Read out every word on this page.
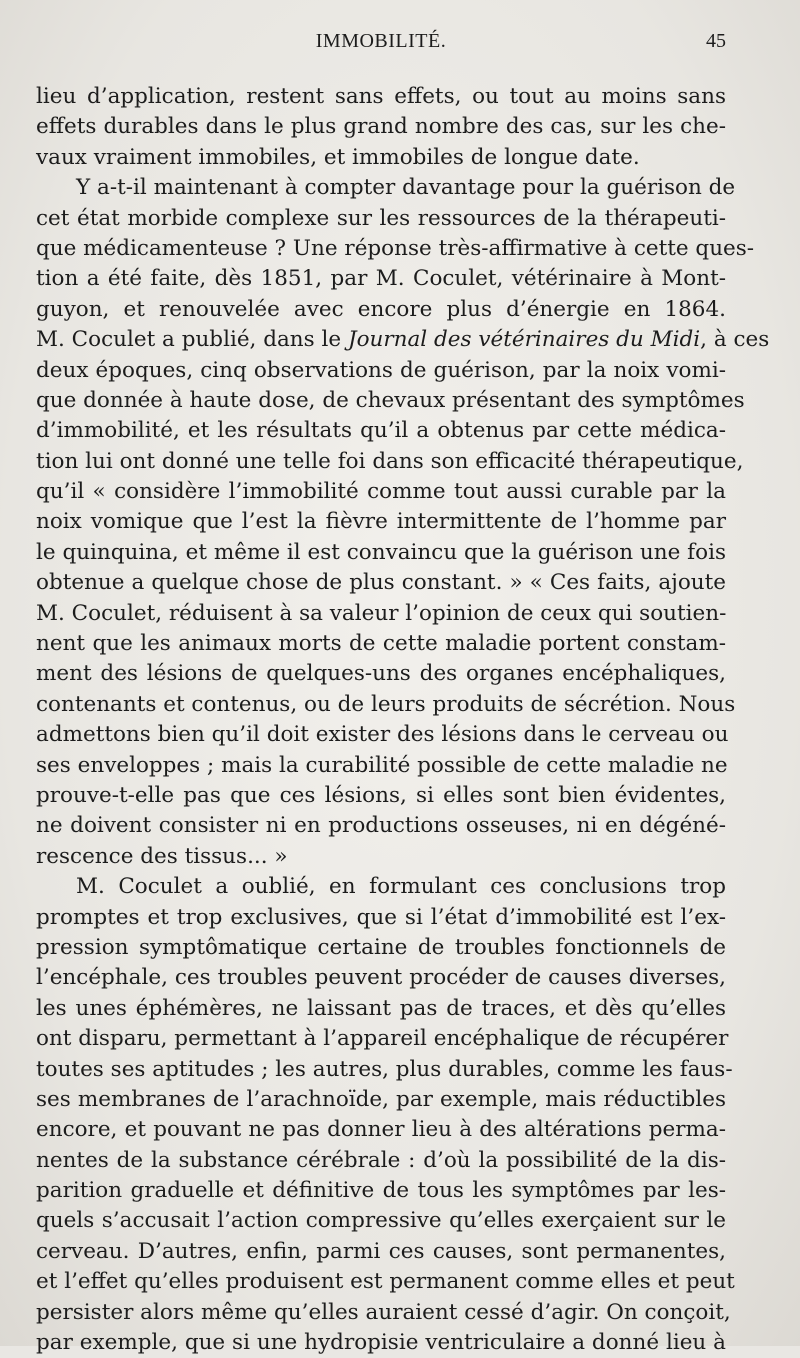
IMMOBILITÉ.	45
lieu d’application, restent sans effets, ou tout au moins sans
effets durables dans le plus grand nombre des cas, sur les che-
vaux vraiment immobiles, et immobiles de longue date.
Y a-t-il maintenant à compter davantage pour la guérison de
cet état morbide complexe sur les ressources de la thérapeuti-
que médicamenteuse ? Une réponse très-affirmative à cette ques-
tion a été faite, dès 1851, par M. Coculet, vétérinaire à Mont-
guyon, et renouvelée avec encore plus d’énergie en 1864.
M. Coculet a publié, dans le Journal des vétérinaires du Midi, à ces
deux époques, cinq observations de guérison, par la noix vomi-
que donnée à haute dose, de chevaux présentant des symptômes
d’immobilité, et les résultats qu’il a obtenus par cette médica-
tion lui ont donné une telle foi dans son efficacité thérapeutique,
qu’il « considère l’immobilité comme tout aussi curable par la
noix vomique que l’est la fièvre intermittente de l’homme par
le quinquina, et même il est convaincu que la guérison une fois
obtenue a quelque chose de plus constant. » « Ces faits, ajoute
M. Coculet, réduisent à sa valeur l’opinion de ceux qui soutien-
nent que les animaux morts de cette maladie portent constam-
ment des lésions de quelques-uns des organes encéphaliques,
contenants et contenus, ou de leurs produits de sécrétion. Nous
admettons bien qu’il doit exister des lésions dans le cerveau ou
ses enveloppes ; mais la curabilité possible de cette maladie ne
prouve-t-elle pas que ces lésions, si elles sont bien évidentes,
ne doivent consister ni en productions osseuses, ni en dégéné-
rescence des tissus... »
M. Coculet a oublié, en formulant ces conclusions trop
promptes et trop exclusives, que si l’état d’immobilité est l’ex-
pression symptômatique certaine de troubles fonctionnels de
l’encéphale, ces troubles peuvent procéder de causes diverses,
les unes éphémères, ne laissant pas de traces, et dès qu’elles
ont disparu, permettant à l’appareil encéphalique de récupérer
toutes ses aptitudes ; les autres, plus durables, comme les faus-
ses membranes de l’arachnoïde, par exemple, mais réductibles
encore, et pouvant ne pas donner lieu à des altérations perma-
nentes de la substance cérébrale : d’où la possibilité de la dis-
parition graduelle et définitive de tous les symptômes par les-
quels s’accusait l’action compressive qu’elles exerçaient sur le
cerveau. D’autres, enfin, parmi ces causes, sont permanentes,
et l’effet qu’elles produisent est permanent comme elles et peut
persister alors même qu’elles auraient cessé d’agir. On conçoit,
par exemple, que si une hydropisie ventriculaire a donné lieu à
